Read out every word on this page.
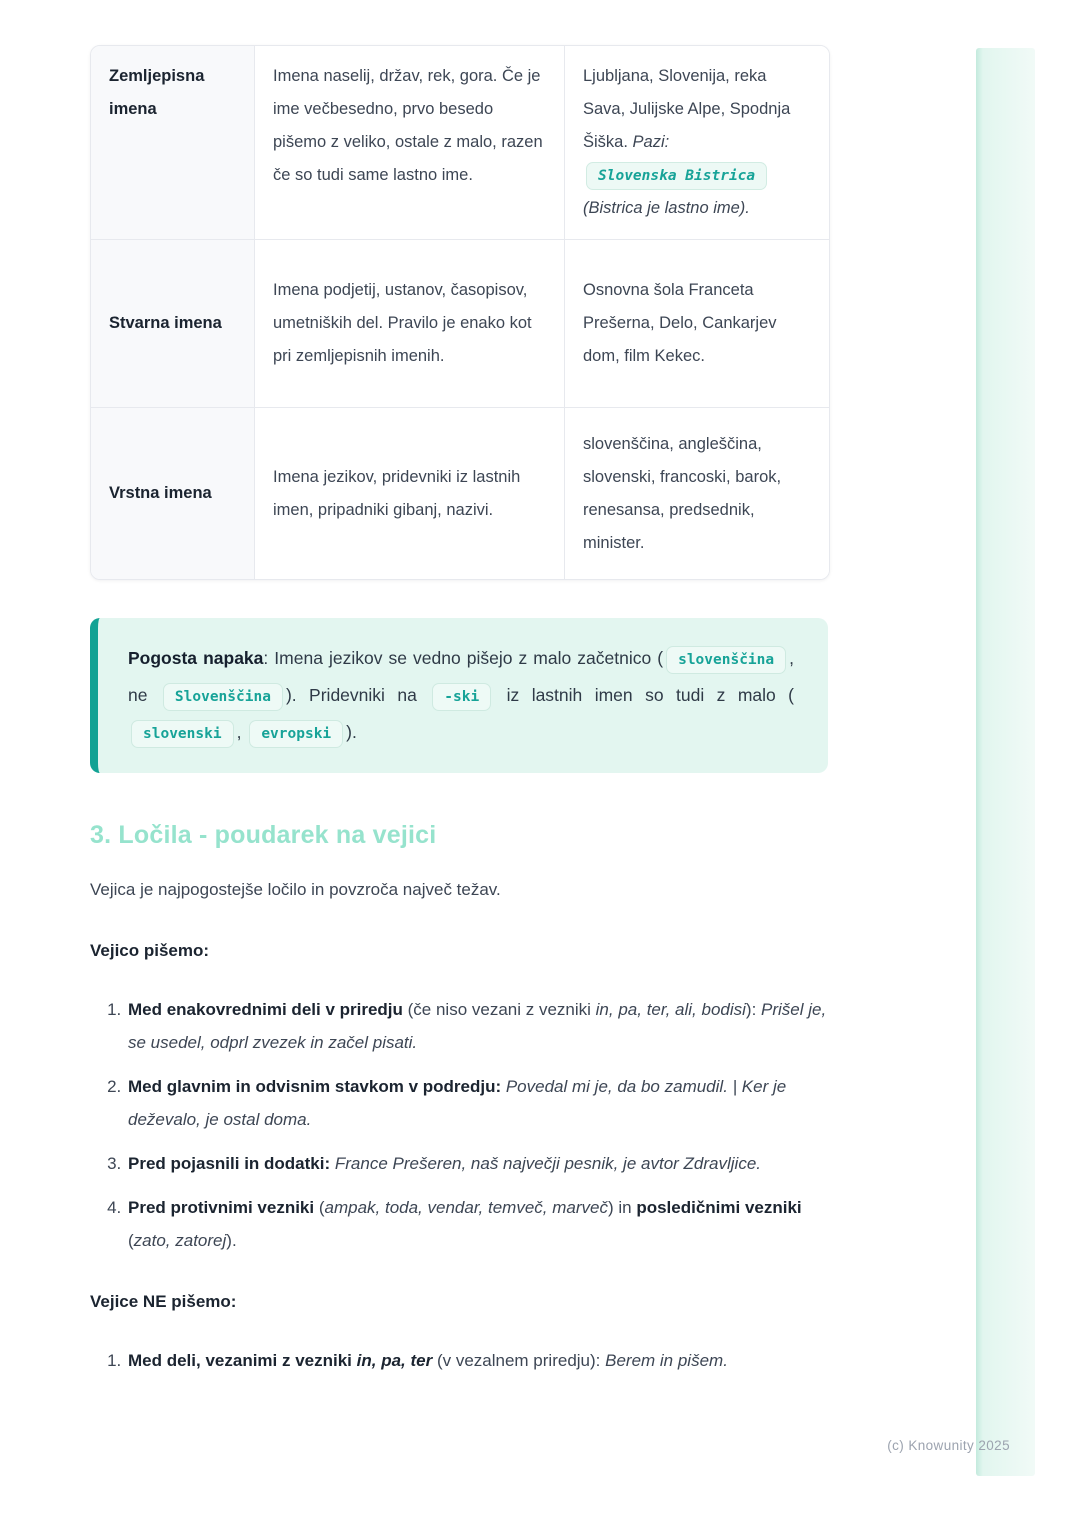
Zemljepisna imena	Imena naselij, držav, rek, gora. Če je ime večbesedno, prvo besedo pišemo z veliko, ostale z malo, razen če so tudi same lastno ime.	Ljubljana, Slovenija, reka Sava, Julijske Alpe, Spodnja Šiška. Pazi: Slovenska Bistrica (Bistrica je lastno ime).
Stvarna imena	Imena podjetij, ustanov, časopisov, umetniških del. Pravilo je enako kot pri zemljepisnih imenih.	Osnovna šola Franceta Prešerna, Delo, Cankarjev dom, film Kekec.
Vrstna imena	Imena jezikov, pridevniki iz lastnih imen, pripadniki gibanj, nazivi.	slovenščina, angleščina, slovenski, francoski, barok, renesansa, predsednik, minister.
Pogosta napaka: Imena jezikov se vedno pišejo z malo začetnico ( slovenščina , ne Slovenščina ). Pridevniki na -ski iz lastnih imen so tudi z malo (slovenski , evropski ).
3. Ločila - poudarek na vejici

Vejica je najpogostejše ločilo in povzroča največ težav.

Vejico pišemo:

1. Med enakovrednimi deli v priredju (če niso vezani z vezniki in, pa, ter, ali, bodisi): Prišel je, se usedel, odprl zvezek in začel pisati.
2. Med glavnim in odvisnim stavkom v podredju: Povedal mi je, da bo zamudil. | Ker je deževalo, je ostal doma.
3. Pred pojasnili in dodatki: France Prešeren, naš največji pesnik, je avtor Zdravljice.
4. Pred protivnimi vezniki (ampak, toda, vendar, temveč, marveč) in posledičnimi vezniki (zato, zatorej).

Vejice NE pišemo:

1. Med deli, vezanimi z vezniki in, pa, ter (v vezalnem priredju): Berem in pišem.
(c) Knowunity 2025
